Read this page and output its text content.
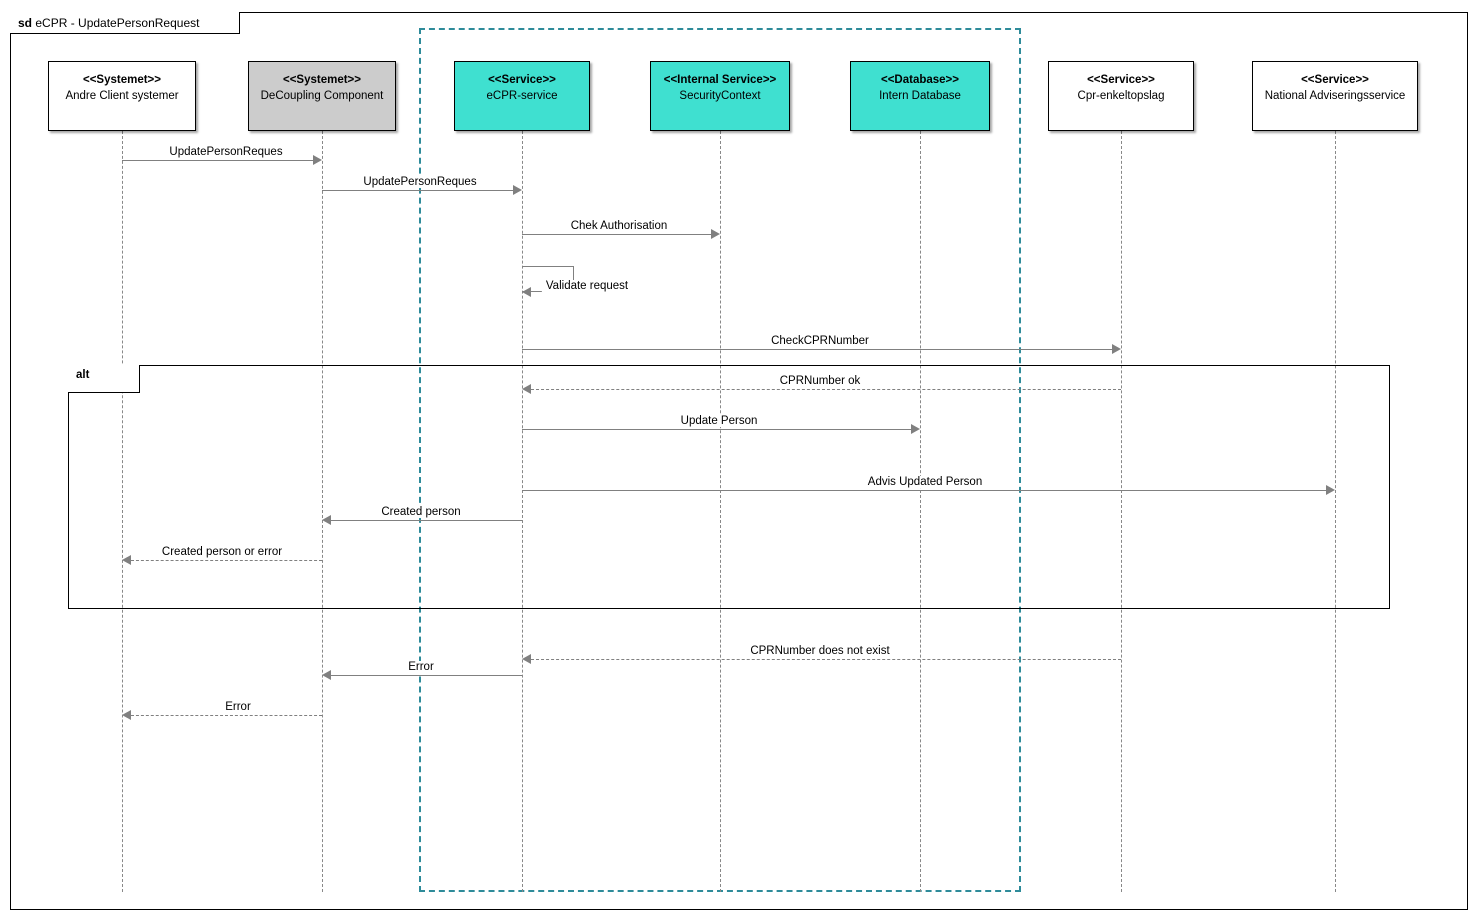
sd eCPR - UpdatePersonRequest
<<Systemet>>
Andre Client systemer
<<Systemet>>
DeCoupling Component
<<Service>>
eCPR-service
<<Internal Service>>
SecurityContext
<<Database>>
Intern Database
<<Service>>
Cpr-enkeltopslag
<<Service>>
National Adviseringsservice
alt
UpdatePersonReques
UpdatePersonReques
Chek Authorisation
Validate request
CheckCPRNumber
CPRNumber ok
Update Person
Advis Updated Person
Created person
Created person or error
CPRNumber does not exist
Error
Error
